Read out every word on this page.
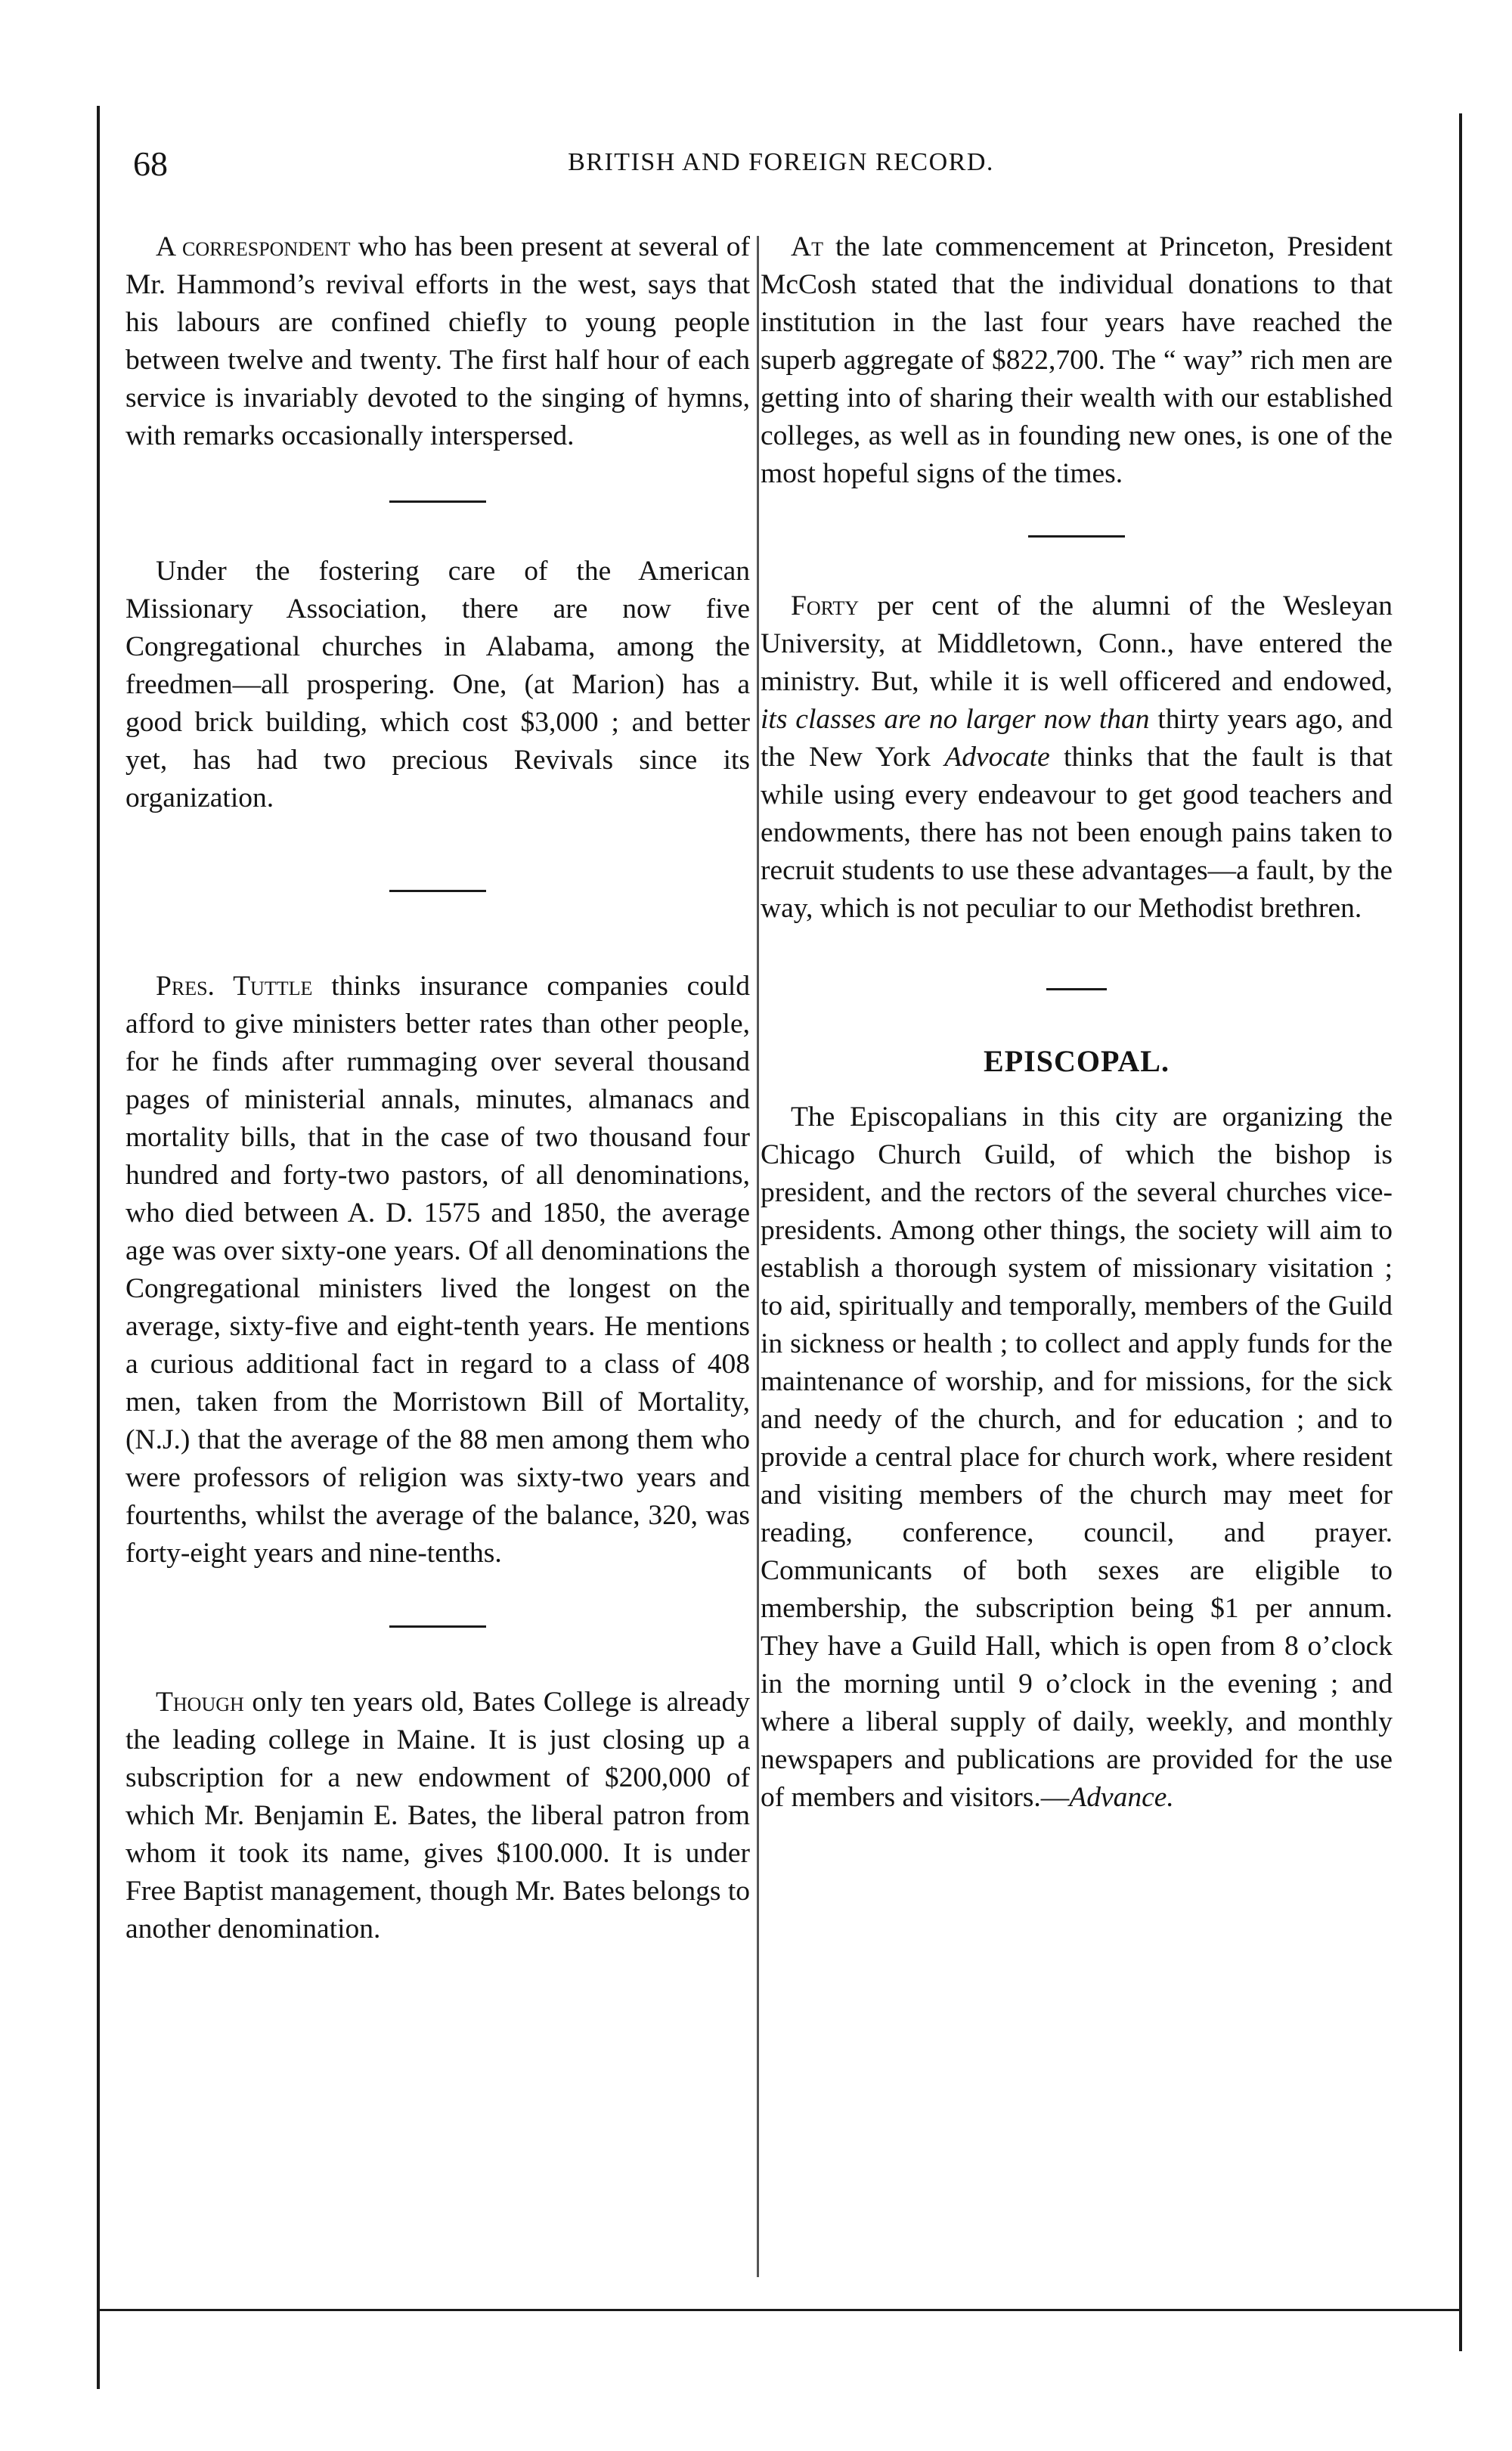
68	BRITISH AND FOREIGN RECORD.

A correspondent who has been present at several of Mr. Hammond’s revival efforts in the west, says that his labours are confined chiefly to young people between twelve and twenty. The first half hour of each service is invariably devoted to the singing of hymns, with remarks occasionally interspersed.

Under the fostering care of the American Missionary Association, there are now five Congregational churches in Alabama, among the freedmen—all prospering. One, (at Marion) has a good brick building, which cost $3,000 ; and better yet, has had two precious Revivals since its organization.

Pres. Tuttle thinks insurance companies could afford to give ministers better rates than other people, for he finds after rummaging over several thousand pages of ministerial annals, minutes, almanacs and mortality bills, that in the case of two thousand four hundred and forty-two pastors, of all denominations, who died between A. D. 1575 and 1850, the average age was over sixty-one years. Of all denominations the Congregational ministers lived the longest on the average, sixty-five and eight-tenth years. He mentions a curious additional fact in regard to a class of 408 men, taken from the Morristown Bill of Mortality, (N.J.) that the average of the 88 men among them who were professors of religion was sixty-two years and fourtenths, whilst the average of the balance, 320, was forty-eight years and nine-tenths.

Though only ten years old, Bates College is already the leading college in Maine. It is just closing up a subscription for a new endowment of $200,000 of which Mr. Benjamin E. Bates, the liberal patron from whom it took its name, gives $100.000. It is under Free Baptist management, though Mr. Bates belongs to another denomination.

At the late commencement at Princeton, President McCosh stated that the individual donations to that institution in the last four years have reached the superb aggregate of $822,700. The “ way” rich men are getting into of sharing their wealth with our established colleges, as well as in founding new ones, is one of the most hopeful signs of the times.

Forty per cent of the alumni of the Wesleyan University, at Middletown, Conn., have entered the ministry. But, while it is well officered and endowed, its classes are no larger now than thirty years ago, and the New York Advocate thinks that the fault is that while using every endeavour to get good teachers and endowments, there has not been enough pains taken to recruit students to use these advantages—a fault, by the way, which is not peculiar to our Methodist brethren.

EPISCOPAL.

The Episcopalians in this city are organizing the Chicago Church Guild, of which the bishop is president, and the rectors of the several churches vice-presidents. Among other things, the society will aim to establish a thorough system of missionary visitation ; to aid, spiritually and temporally, members of the Guild in sickness or health ; to collect and apply funds for the maintenance of worship, and for missions, for the sick and needy of the church, and for education ; and to provide a central place for church work, where resident and visiting members of the church may meet for reading, conference, council, and prayer. Communicants of both sexes are eligible to membership, the subscription being $1 per annum. They have a Guild Hall, which is open from 8 o’clock in the morning until 9 o’clock in the evening ; and where a liberal supply of daily, weekly, and monthly newspapers and publications are provided for the use of members and visitors.—Advance.
